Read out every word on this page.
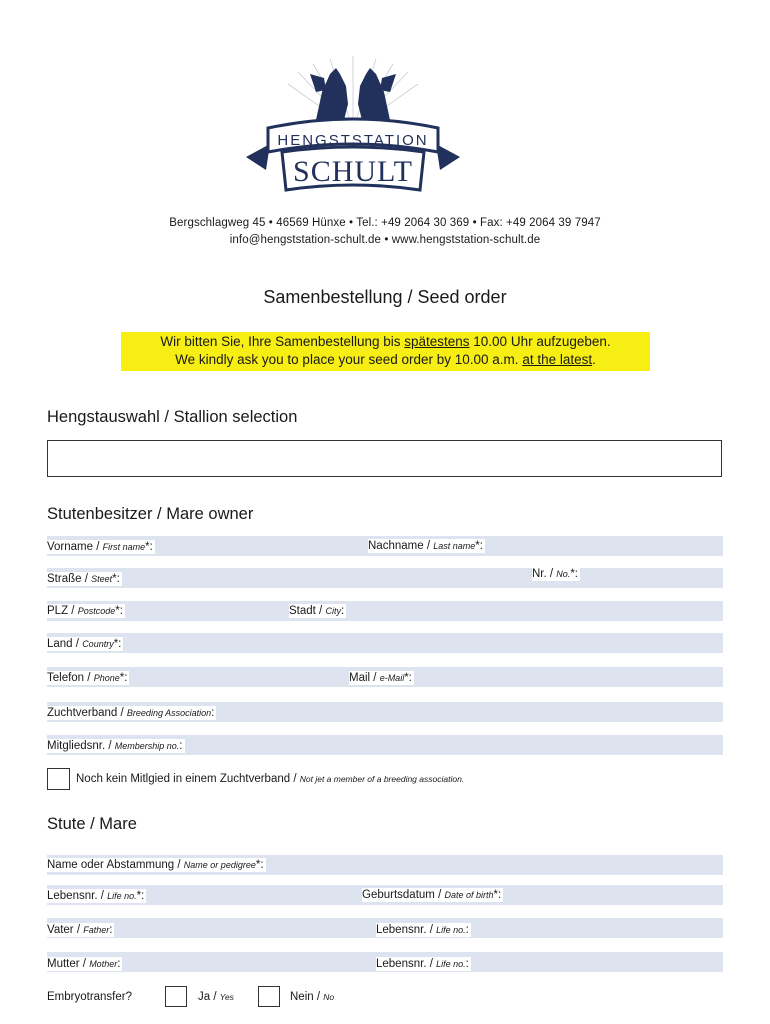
HENGSTSTATION
SCHULT
Bergschlagweg 45 • 46569 Hünxe • Tel.: +49 2064 30 369 • Fax: +49 2064 39 7947
info@hengststation-schult.de • www.hengststation-schult.de
Samenbestellung / Seed order
Wir bitten Sie, Ihre Samenbestellung bis spätestens 10.00 Uhr aufzugeben.
We kindly ask you to place your seed order by 10.00 a.m. at the latest.
Hengstauswahl / Stallion selection
Stutenbesitzer / Mare owner
Vorname / First name*:	Nachname / Last name*:
Straße / Steet*:	Nr. / No.*:
PLZ / Postcode*:	Stadt / City:
Land / Country*:
Telefon / Phone*:	Mail / e-Mail*:
Zuchtverband / Breeding Association:
Mitgliedsnr. / Membership no.:
Noch kein Mitlgied in einem Zuchtverband / Not jet a member of a breeding association.
Stute / Mare
Name oder Abstammung / Name or pedigree*:
Lebensnr. / Life no.*:	Geburtsdatum / Date of birth*:
Vater / Father:	Lebensnr. / Life no.:
Mutter / Mother:	Lebensnr. / Life no.:
Embryotransfer?	Ja / Yes	Nein / No
